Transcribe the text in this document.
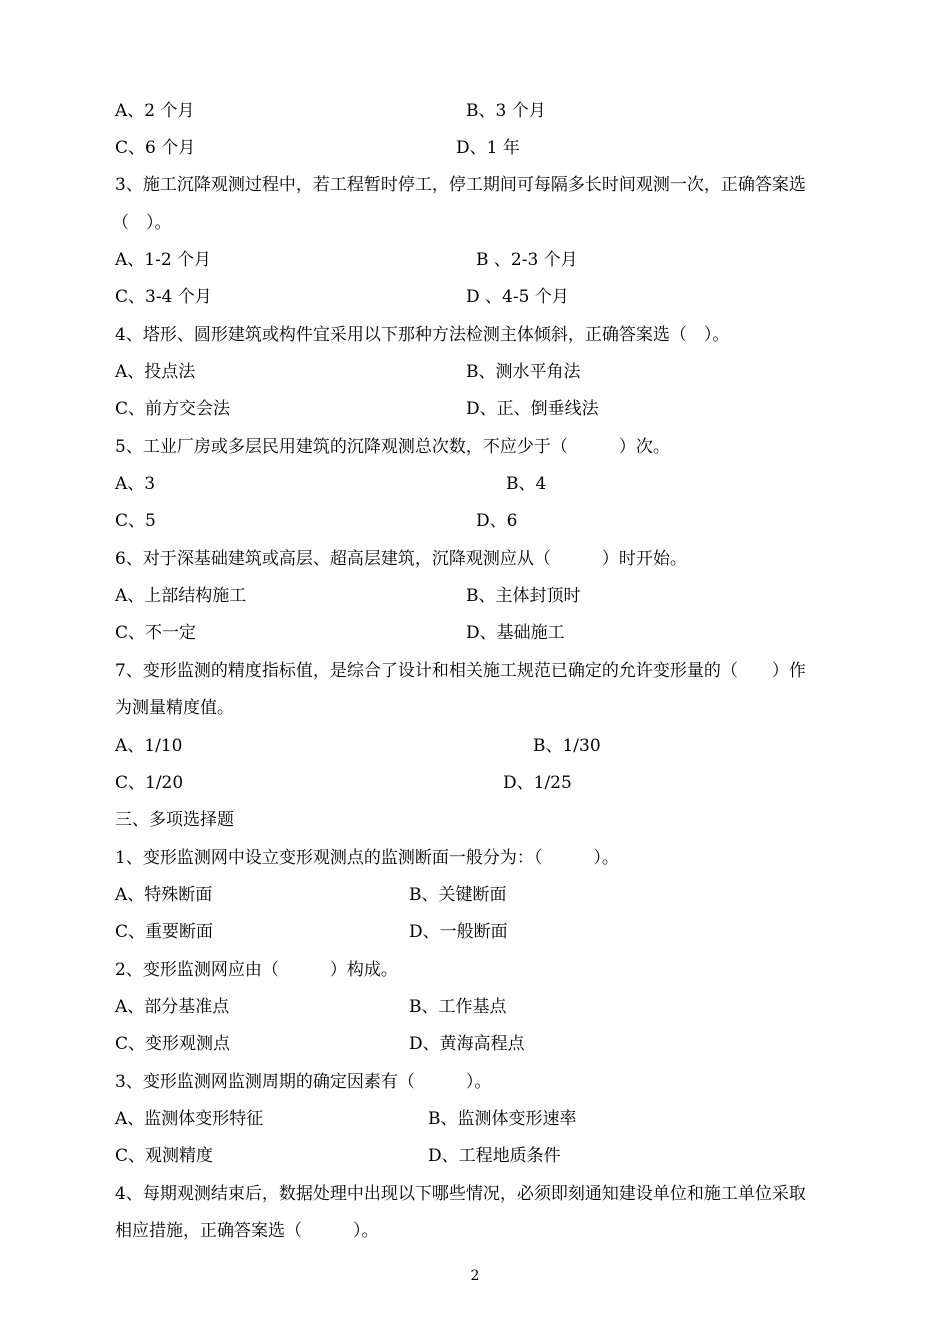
A、2 个月	B、3 个月
C、6 个月	D、1 年
3、施工沉降观测过程中，若工程暂时停工，停工期间可每隔多长时间观测一次，正确答案选
（　）。
A、1-2 个月	B 、2-3 个月
C、3-4 个月	D 、4-5 个月
4、塔形、圆形建筑或构件宜采用以下那种方法检测主体倾斜，正确答案选（　）。
A、投点法	B、测水平角法
C、前方交会法	D、正、倒垂线法
5、工业厂房或多层民用建筑的沉降观测总次数，不应少于（　　　）次。
A、3	B、4
C、5	D、6
6、对于深基础建筑或高层、超高层建筑，沉降观测应从（　　　）时开始。
A、上部结构施工	B、主体封顶时
C、不一定	D、基础施工
7、变形监测的精度指标值，是综合了设计和相关施工规范已确定的允许变形量的（　　）作
为测量精度值。
A、1/10	B、1/30
C、1/20	D、1/25
三、多项选择题
1、变形监测网中设立变形观测点的监测断面一般分为：（　　　）。
A、特殊断面	B、关键断面
C、重要断面	D、一般断面
2、变形监测网应由（　　　）构成。
A、部分基准点	B、工作基点
C、变形观测点	D、黄海高程点
3、变形监测网监测周期的确定因素有（　　　）。
A、监测体变形特征	B、监测体变形速率
C、观测精度	D、工程地质条件
4、每期观测结束后，数据处理中出现以下哪些情况，必须即刻通知建设单位和施工单位采取
相应措施，正确答案选（　　　）。
2
